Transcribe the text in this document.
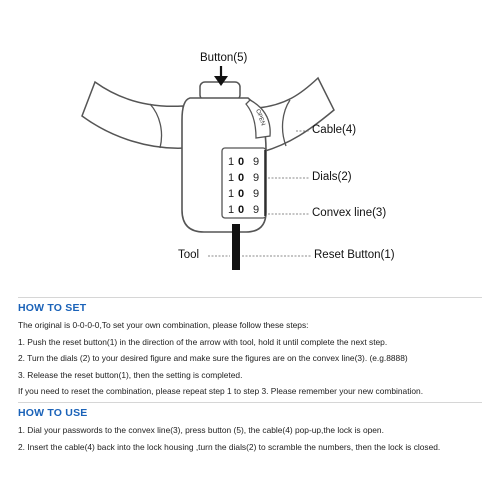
OPEN
1 0 9
1 0 9
1 0 9
1 0 9
Button(5)
Cable(4)
Dials(2)
Convex line(3)
Tool	Reset Button(1)
HOW TO SET
The original is 0-0-0-0,To set your own combination, please follow these steps:
1. Push the reset button(1) in the direction of the arrow with tool, hold it until complete the next step.
2. Turn the dials (2) to your desired figure and make sure the figures are on the convex line(3). (e.g.8888)
3. Release the reset button(1), then the setting is completed.
If you need to reset the combination, please repeat step 1 to step 3. Please remember your new combination.
HOW TO USE
1. Dial your passwords to the convex line(3), press button (5), the cable(4) pop-up,the lock is open.
2. Insert the cable(4) back into the lock housing ,turn the dials(2) to scramble the numbers, then the lock is closed.
